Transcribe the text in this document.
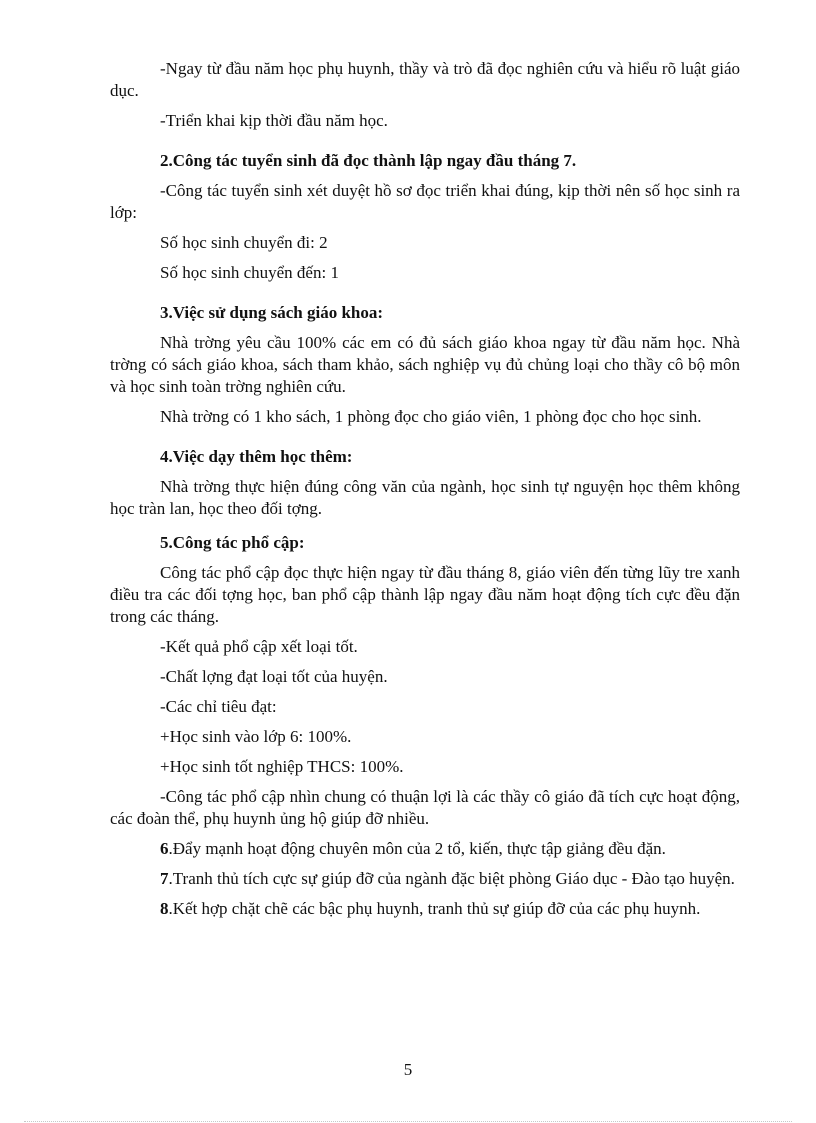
-Ngay từ đầu năm học phụ huynh, thầy và trò đã đọc nghiên cứu và hiểu rõ luật giáo dục.

-Triển khai kịp thời đầu năm học.

2.Công tác tuyển sinh đã đọc thành lập ngay đầu tháng 7.

-Công tác tuyển sinh xét duyệt hồ sơ đọc triển khai đúng, kịp thời nên số học sinh ra lớp:

Số học sinh chuyển đi: 2

Số học sinh chuyển đến: 1

3.Việc sử dụng sách giáo khoa:

Nhà trờng yêu cầu 100% các em có đủ sách giáo khoa ngay từ đầu năm học. Nhà trờng có sách giáo khoa, sách tham khảo, sách nghiệp vụ đủ chủng loại cho thầy cô bộ môn và học sinh toàn trờng nghiên cứu.

Nhà trờng có 1 kho sách, 1 phòng đọc cho giáo viên, 1 phòng đọc cho học sinh.

4.Việc dạy thêm học thêm:

Nhà trờng thực hiện đúng công văn của ngành, học sinh tự nguyện học thêm không học tràn lan, học theo đối tợng.

5.Công tác phổ cập:

Công tác phổ cập đọc thực hiện ngay từ đầu tháng 8, giáo viên đến từng lũy tre xanh điều tra các đối tợng học, ban phổ cập thành lập ngay đầu năm hoạt động tích cực đều đặn trong các tháng.

-Kết quả phổ cập xết loại tốt.

-Chất lợng đạt loại tốt của huyện.

-Các chỉ tiêu đạt:

+Học sinh vào lớp 6: 100%.

+Học sinh tốt nghiệp THCS: 100%.

-Công tác phổ cập nhìn chung có thuận lợi là các thầy cô giáo đã tích cực hoạt động, các đoàn thể, phụ huynh ủng hộ giúp đỡ nhiều.

6.Đẩy mạnh hoạt động chuyên môn của 2 tổ, kiến, thực tập giảng đều đặn.

7.Tranh thủ tích cực sự giúp đỡ của ngành đặc biệt phòng Giáo dục - Đào tạo huyện.

8.Kết hợp chặt chẽ các bậc phụ huynh, tranh thủ sự giúp đỡ của các phụ huynh.

5
